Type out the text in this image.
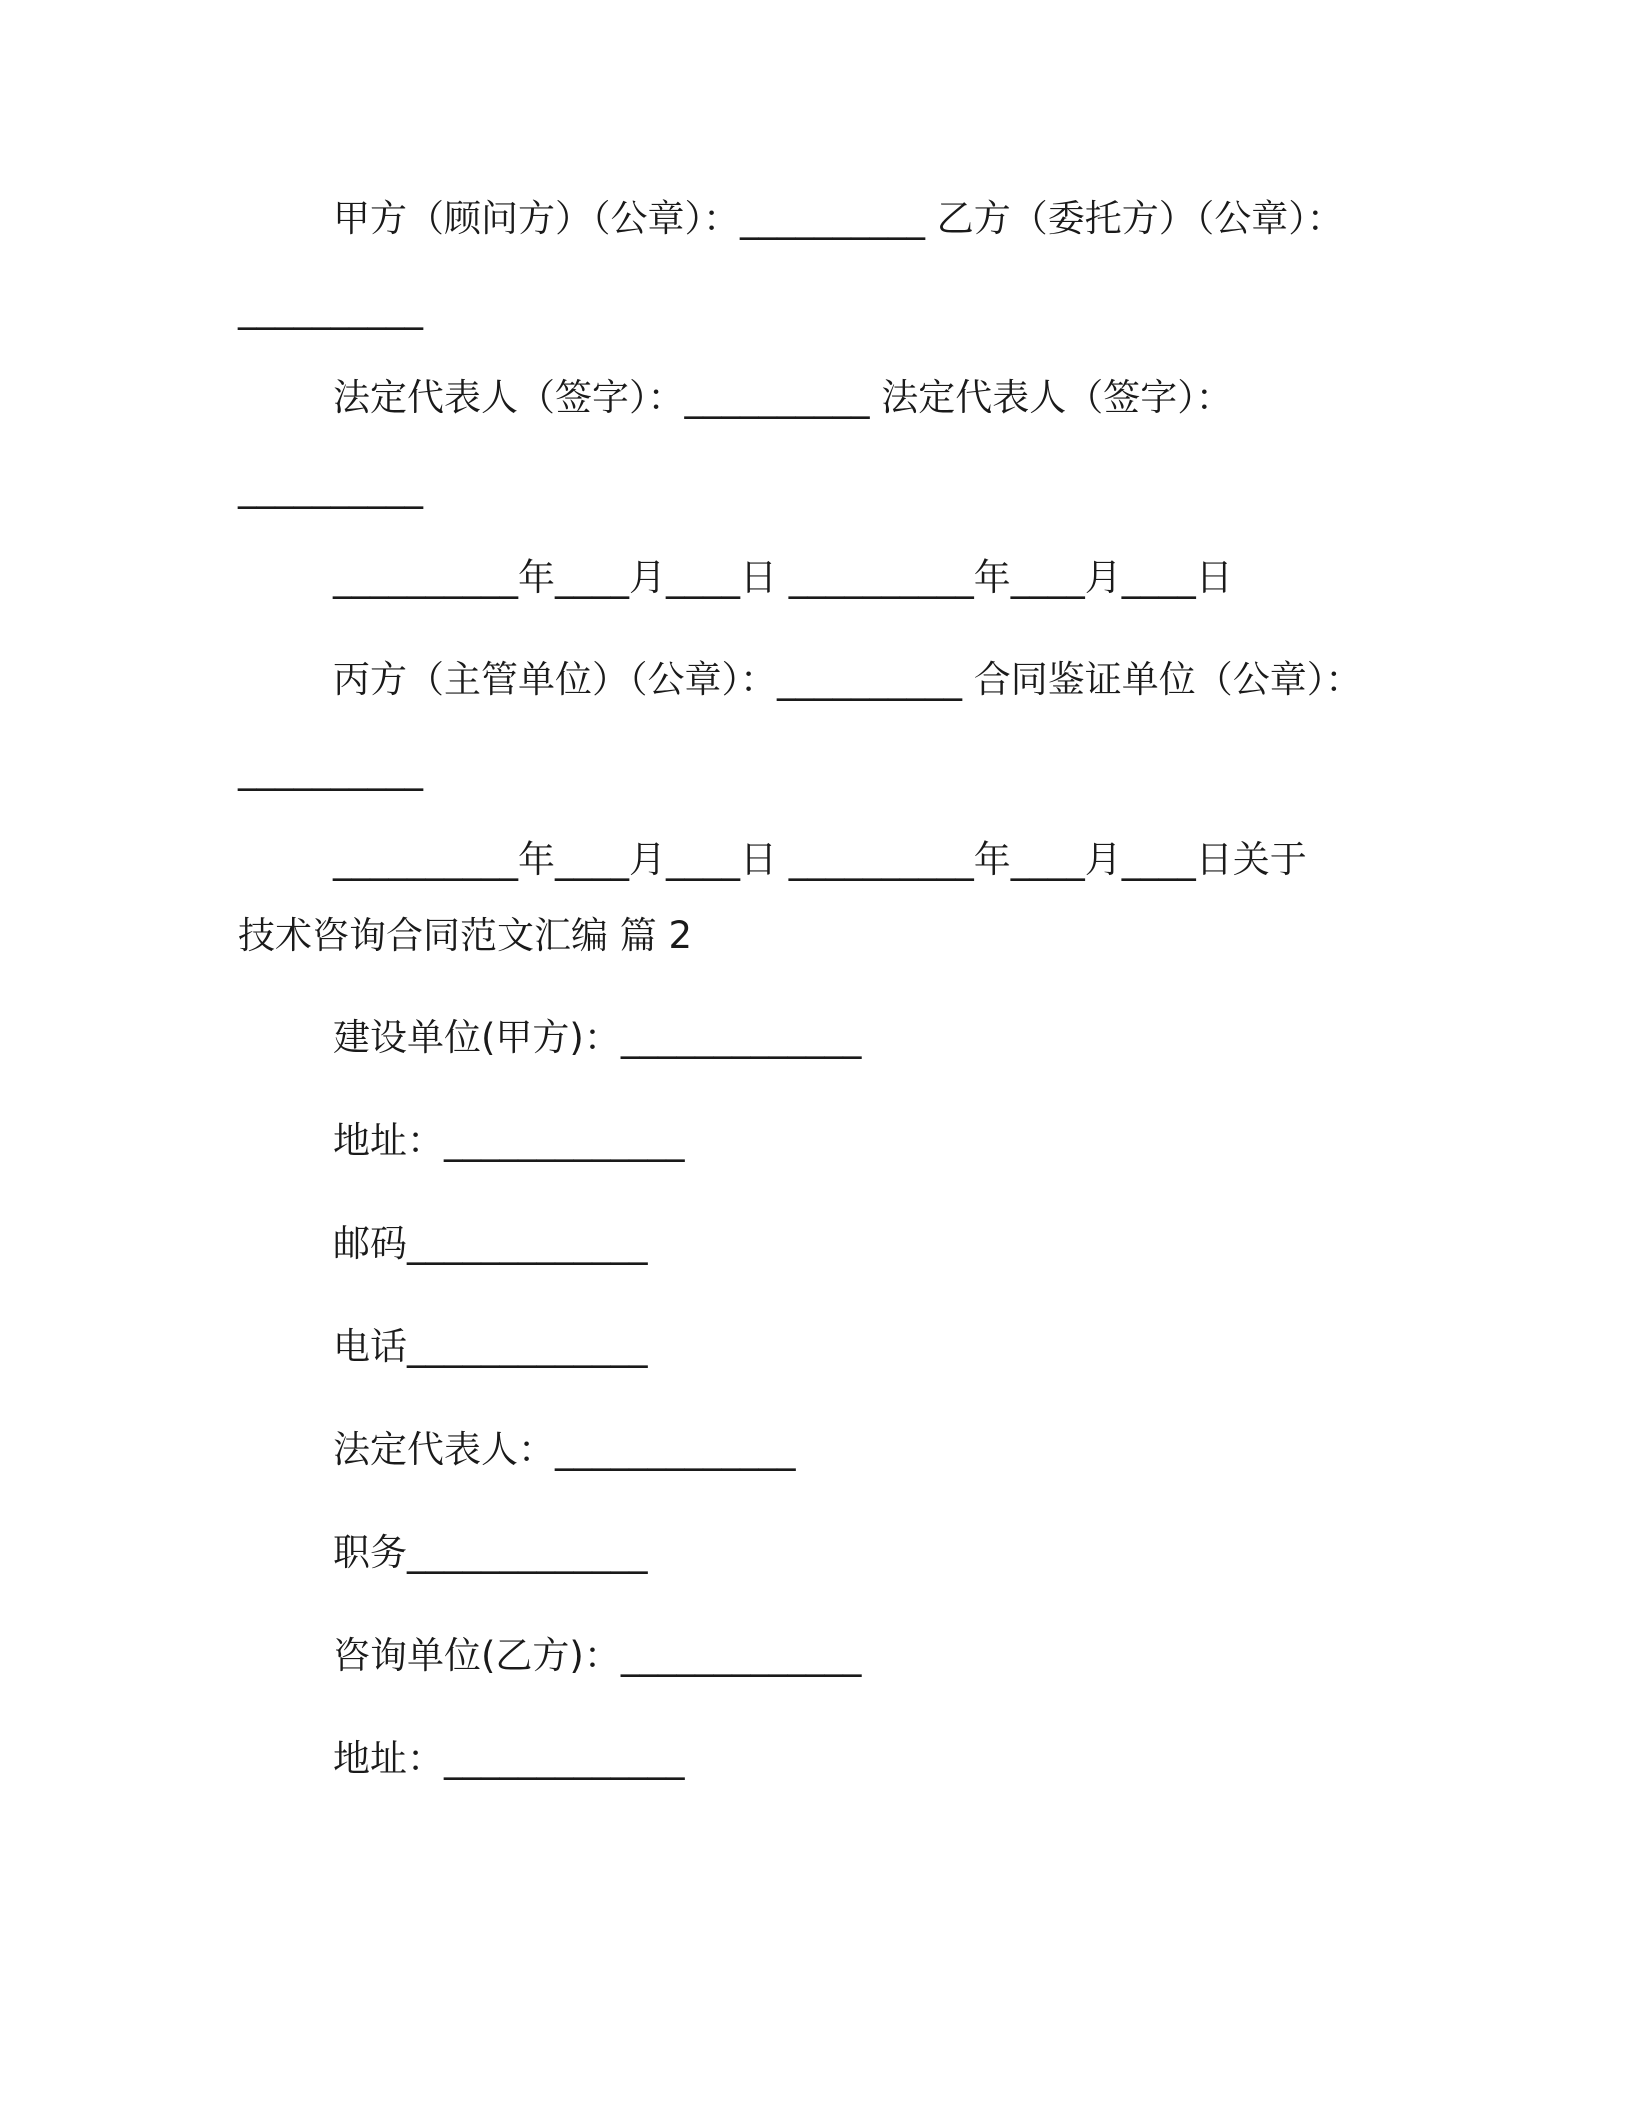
甲方（顾问方）（公章）：__________ 乙方（委托方）（公章）：

__________

法定代表人（签字）：__________ 法定代表人（签字）：

__________

__________年____月____日 __________年____月____日

丙方（主管单位）（公章）：__________ 合同鉴证单位（公章）：

__________

__________年____月____日 __________年____月____日关于

技术咨询合同范文汇编 篇 2

建设单位(甲方)：_____________

地址：_____________

邮码_____________

电话_____________

法定代表人：_____________

职务_____________

咨询单位(乙方)：_____________

地址：_____________
